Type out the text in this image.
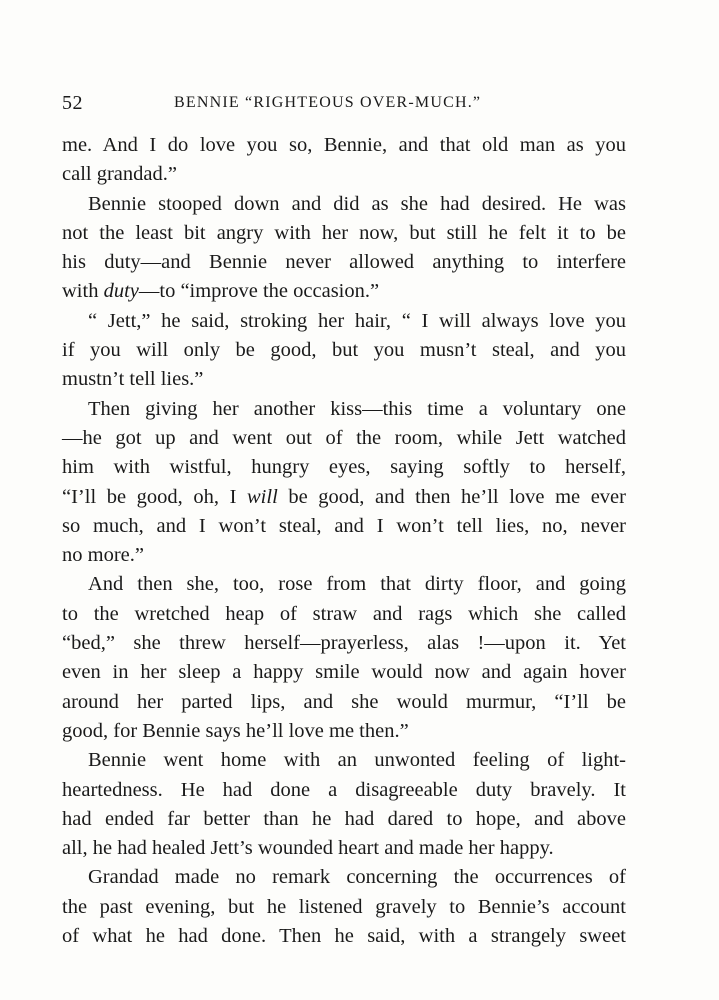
52	BENNIE “RIGHTEOUS OVER-MUCH.”
me. And I do love you so, Bennie, and that old man as you
call grandad.”
Bennie stooped down and did as she had desired. He was
not the least bit angry with her now, but still he felt it to be
his duty—and Bennie never allowed anything to interfere
with duty—to “improve the occasion.”
“ Jett,” he said, stroking her hair, “ I will always love you
if you will only be good, but you musn’t steal, and you
mustn’t tell lies.”
Then giving her another kiss—this time a voluntary one
—he got up and went out of the room, while Jett watched
him with wistful, hungry eyes, saying softly to herself,
“I’ll be good, oh, I will be good, and then he’ll love me ever
so much, and I won’t steal, and I won’t tell lies, no, never
no more.”
And then she, too, rose from that dirty floor, and going
to the wretched heap of straw and rags which she called
“bed,” she threw herself—prayerless, alas !—upon it. Yet
even in her sleep a happy smile would now and again hover
around her parted lips, and she would murmur, “I’ll be
good, for Bennie says he’ll love me then.”
Bennie went home with an unwonted feeling of light-
heartedness. He had done a disagreeable duty bravely. It
had ended far better than he had dared to hope, and above
all, he had healed Jett’s wounded heart and made her happy.
Grandad made no remark concerning the occurrences of
the past evening, but he listened gravely to Bennie’s account
of what he had done. Then he said, with a strangely sweet
